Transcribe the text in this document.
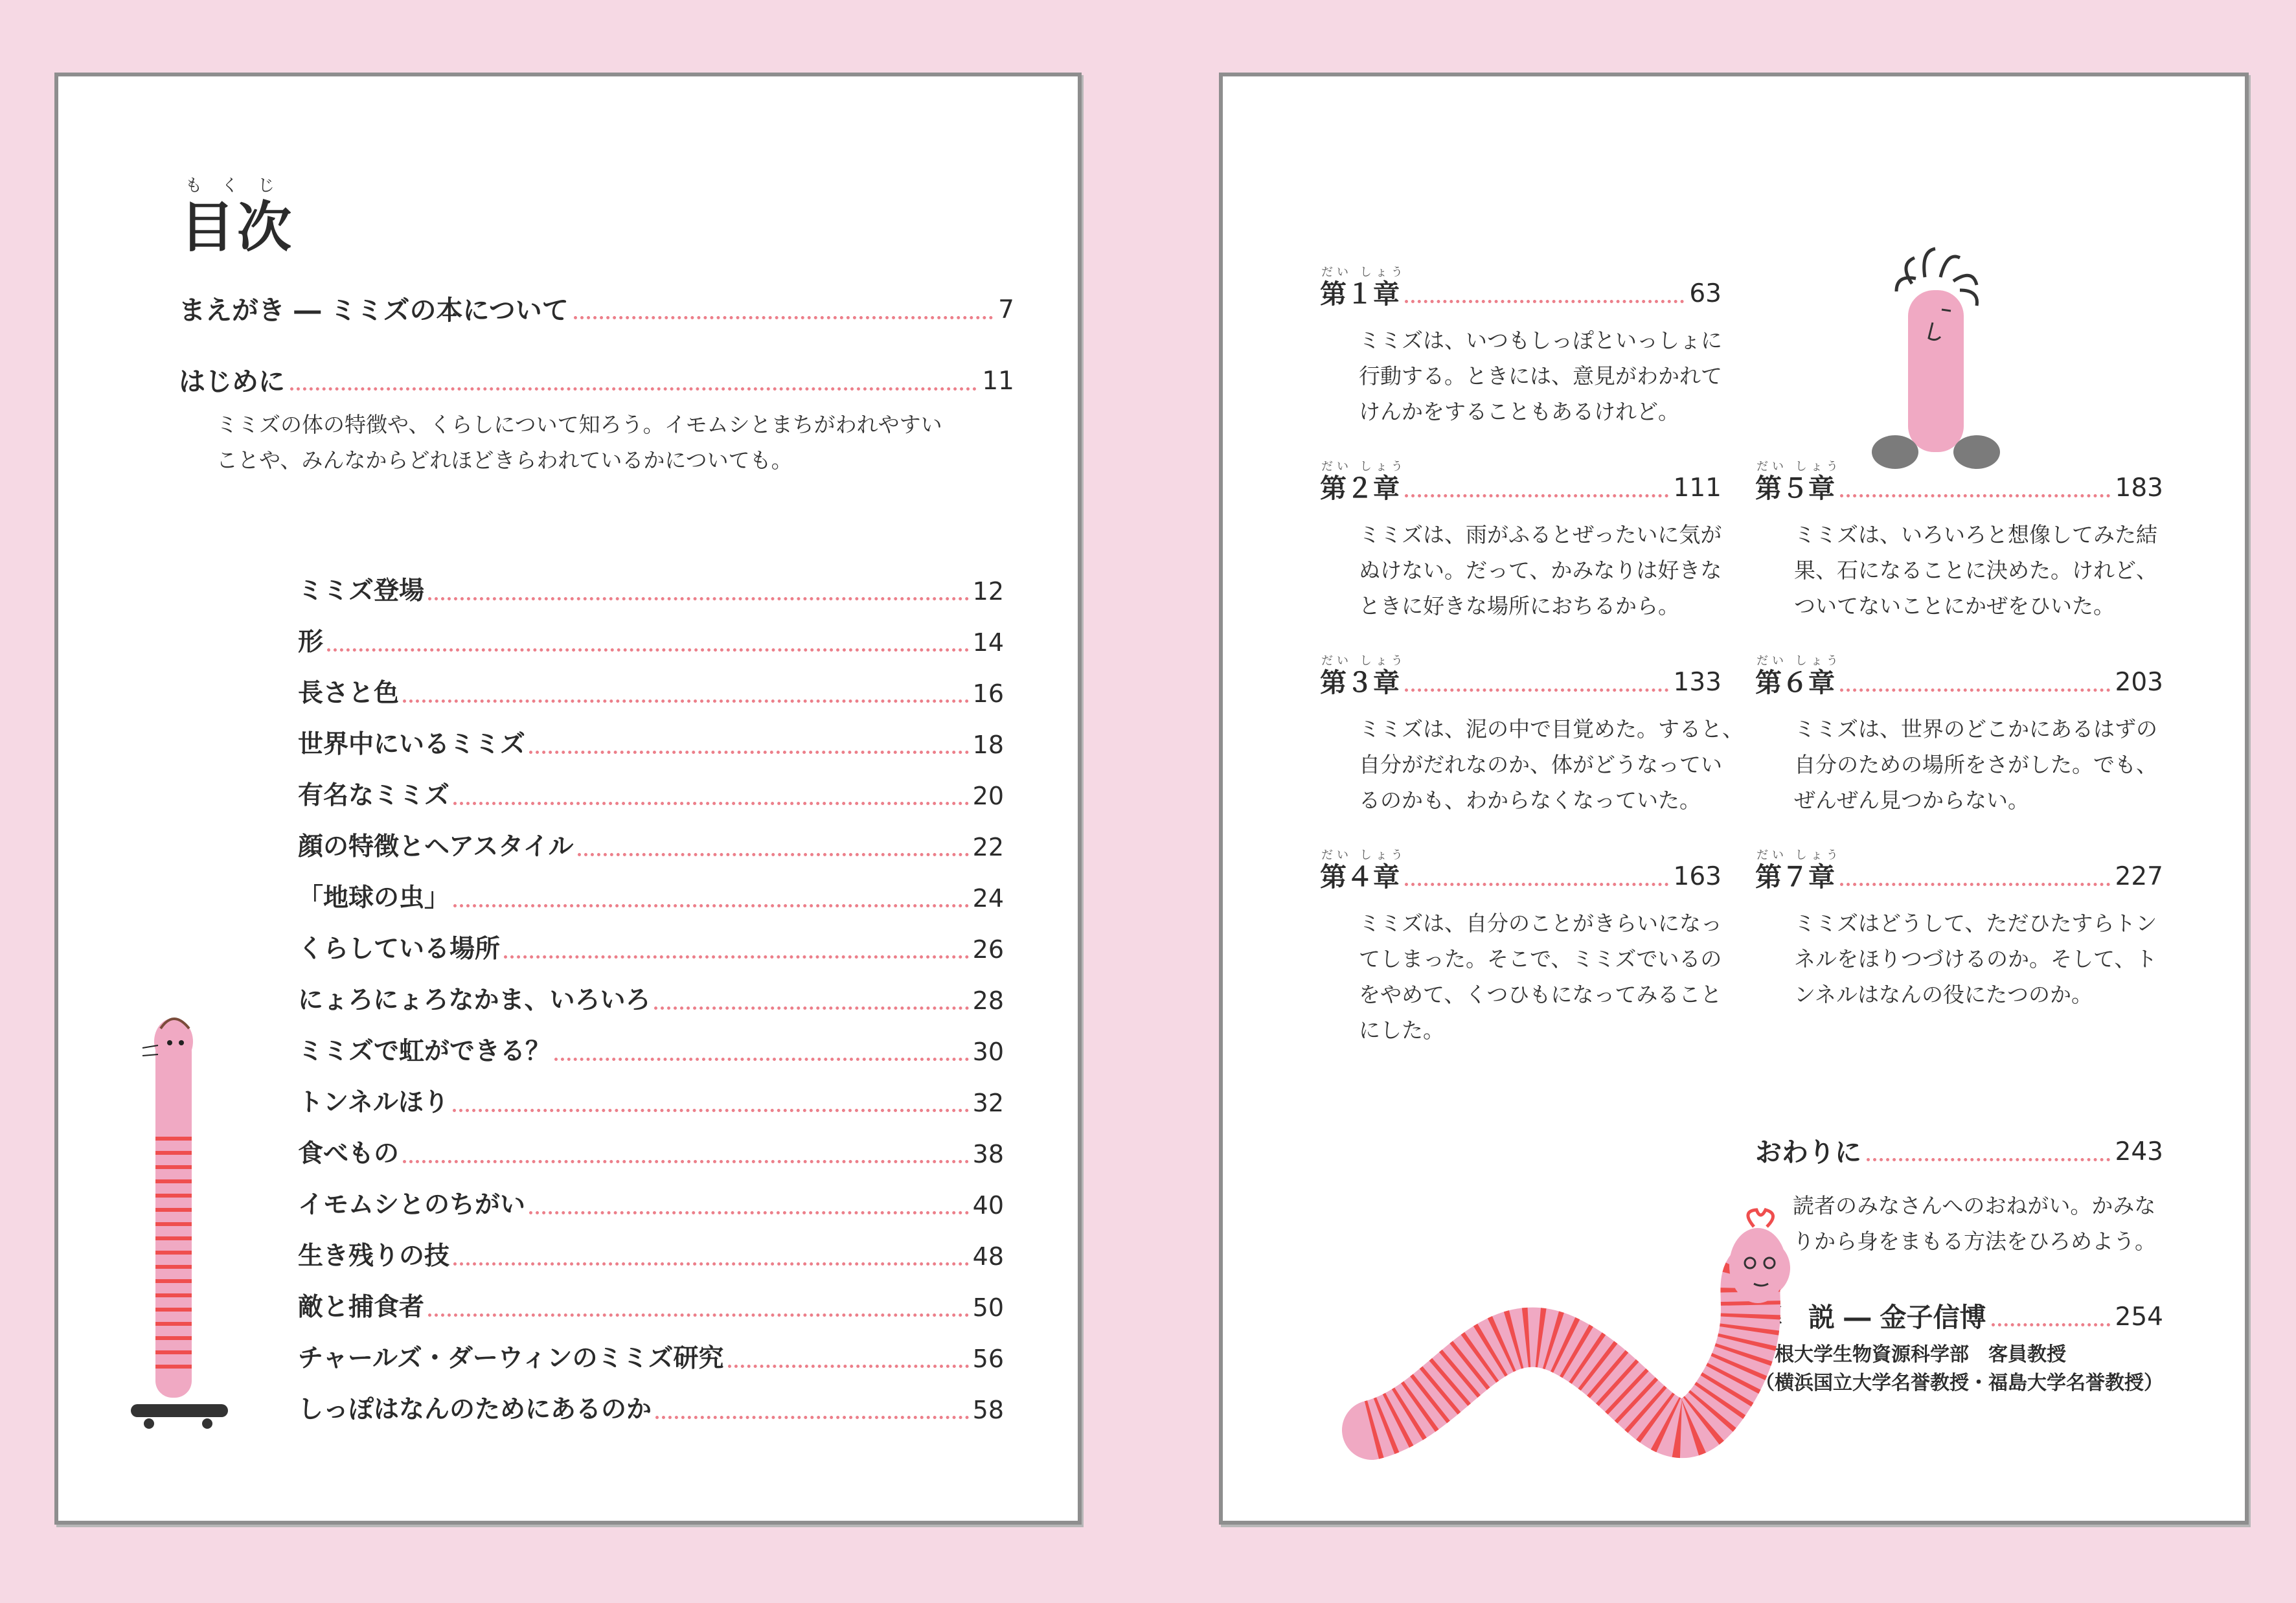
もくじ
目次
まえがき ― ミミズの本について	7
はじめに	11
ミミズの体の特徴や、くらしについて知ろう。イモムシとまちがわれやすい
ことや、みんなからどれほどきらわれているかについても。
ミミズ登場	12
形	14
長さと色	16
世界中にいるミミズ	18
有名なミミズ	20
顔の特徴とヘアスタイル	22
「地球の虫」	24
くらしている場所	26
にょろにょろなかま、いろいろ	28
ミミズで虹ができる？	30
トンネルほり	32
食べもの	38
イモムシとのちがい	40
生き残りの技	48
敵と捕食者	50
チャールズ・ダーウィンのミミズ研究	56
しっぽはなんのためにあるのか	58
だい しょう
第１章	63
ミミズは、いつもしっぽといっしょに
行動する。ときには、意見がわかれて
けんかをすることもあるけれど。
だい しょう
第２章	111
ミミズは、雨がふるとぜったいに気が
ぬけない。だって、かみなりは好きな
ときに好きな場所におちるから。
だい しょう
第３章	133
ミミズは、泥の中で目覚めた。すると、
自分がだれなのか、体がどうなってい
るのかも、わからなくなっていた。
だい しょう
第４章	163
ミミズは、自分のことがきらいになっ
てしまった。そこで、ミミズでいるの
をやめて、くつひもになってみること
にした。
だい しょう
第５章	183
ミミズは、いろいろと想像してみた結
果、石になることに決めた。けれど、
ついてないことにかぜをひいた。
だい しょう
第６章	203
ミミズは、世界のどこかにあるはずの
自分のための場所をさがした。でも、
ぜんぜん見つからない。
だい しょう
第７章	227
ミミズはどうして、ただひたすらトン
ネルをほりつづけるのか。そして、ト
ンネルはなんの役にたつのか。
おわりに	243
読者のみなさんへのおねがい。かみな
りから身をまもる方法をひろめよう。
解　説 ― 金子信博	254
島根大学生物資源科学部　客員教授
（横浜国立大学名誉教授・福島大学名誉教授）
